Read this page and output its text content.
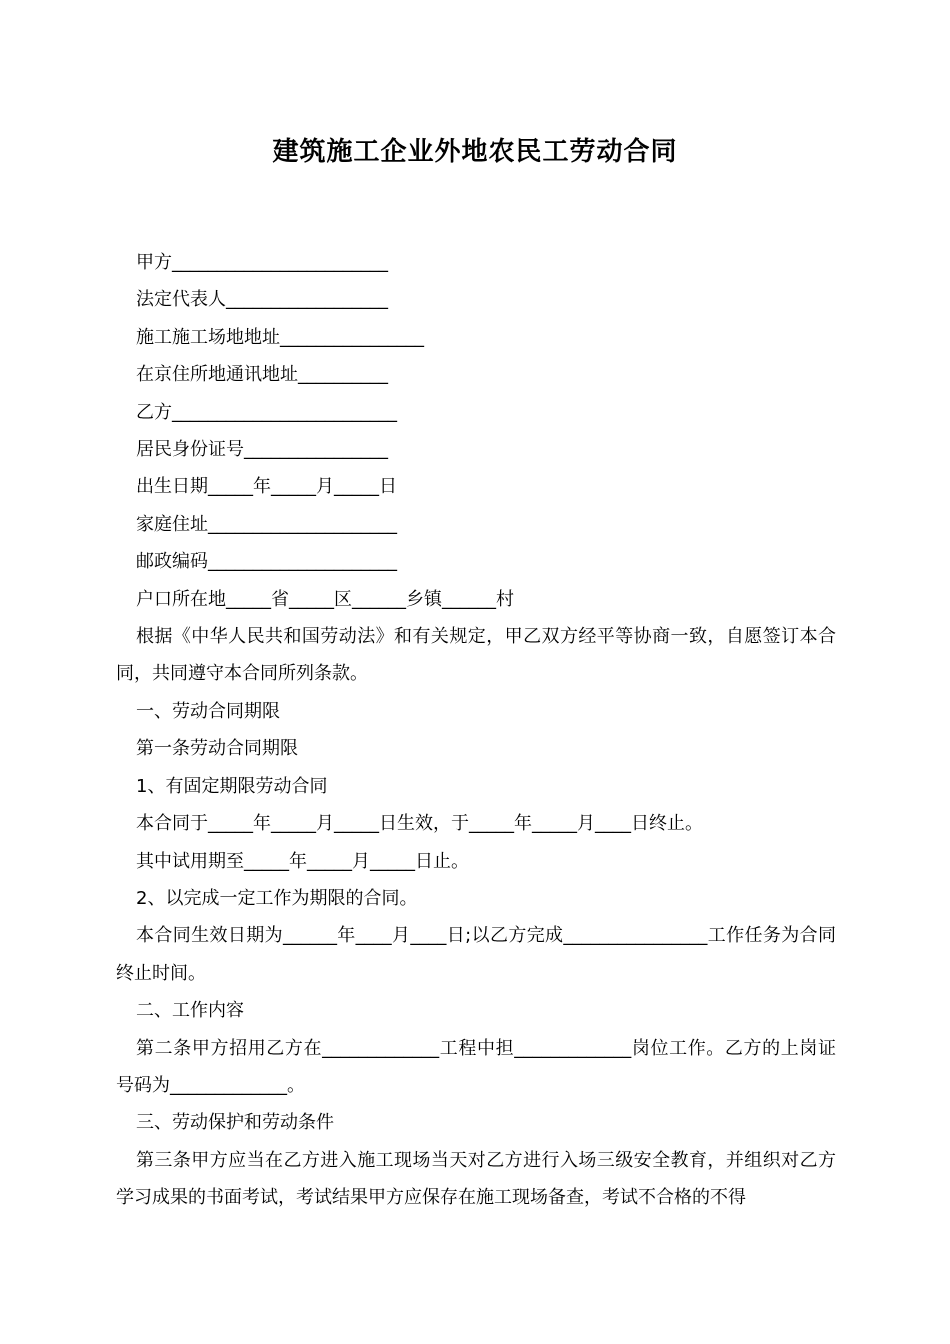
建筑施工企业外地农民工劳动合同

甲方________________________

法定代表人__________________

施工施工场地地址________________

在京住所地通讯地址__________

乙方_________________________

居民身份证号________________

出生日期_____年_____月_____日

家庭住址_____________________

邮政编码_____________________

户口所在地_____省_____区______乡镇______村

根据《中华人民共和国劳动法》和有关规定，甲乙双方经平等协商一致，自愿签订本合同，共同遵守本合同所列条款。

一、劳动合同期限

第一条劳动合同期限

1、有固定期限劳动合同

本合同于_____年_____月_____日生效，于_____年_____月____日终止。

其中试用期至_____年_____月_____日止。

2、以完成一定工作为期限的合同。

本合同生效日期为______年____月____日;以乙方完成________________工作任务为合同终止时间。

二、工作内容

第二条甲方招用乙方在_____________工程中担_____________岗位工作。乙方的上岗证号码为_____________。

三、劳动保护和劳动条件

第三条甲方应当在乙方进入施工现场当天对乙方进行入场三级安全教育，并组织对乙方学习成果的书面考试，考试结果甲方应保存在施工现场备查，考试不合格的不得
